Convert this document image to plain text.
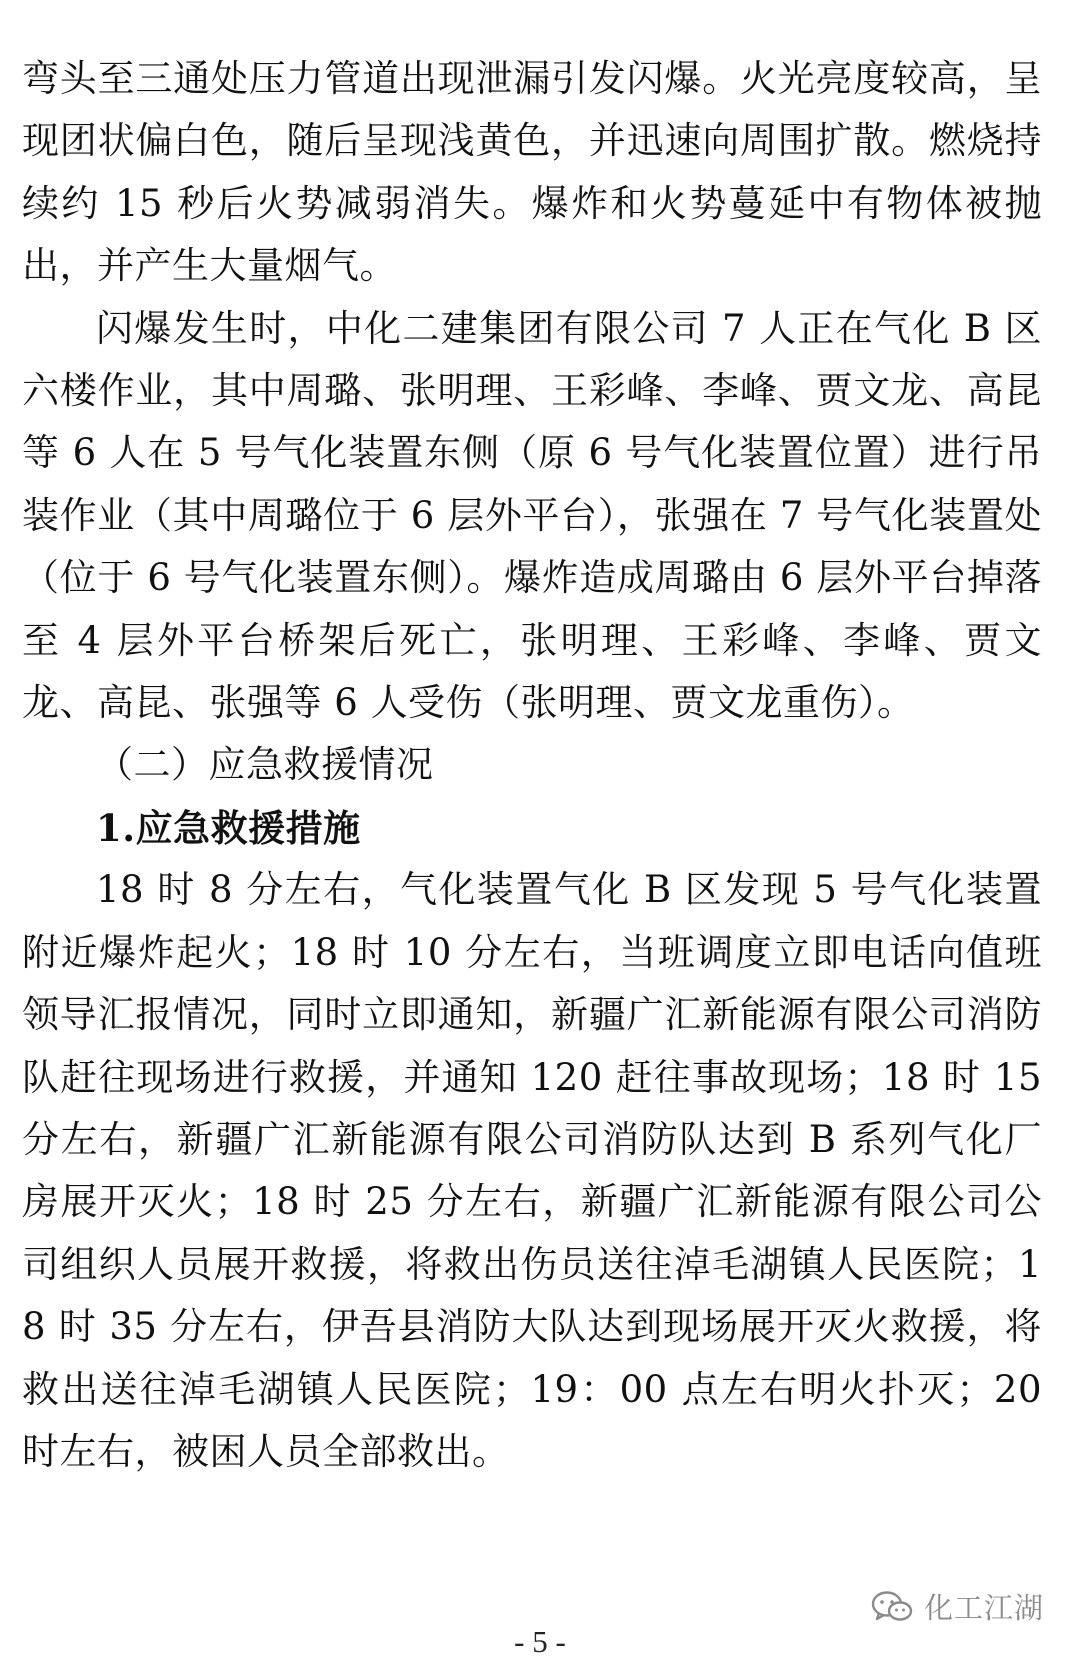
弯头至三通处压力管道出现泄漏引发闪爆。火光亮度较高，呈现团状偏白色，随后呈现浅黄色，并迅速向周围扩散。燃烧持续约 15 秒后火势减弱消失。爆炸和火势蔓延中有物体被抛出，并产生大量烟气。

闪爆发生时，中化二建集团有限公司 7 人正在气化 B 区六楼作业，其中周璐、张明理、王彩峰、李峰、贾文龙、高昆等 6 人在 5 号气化装置东侧（原 6 号气化装置位置）进行吊装作业（其中周璐位于 6 层外平台），张强在 7 号气化装置处（位于 6 号气化装置东侧）。爆炸造成周璐由 6 层外平台掉落至 4 层外平台桥架后死亡，张明理、王彩峰、李峰、贾文龙、高昆、张强等 6 人受伤（张明理、贾文龙重伤）。

（二）应急救援情况

1.应急救援措施

18 时 8 分左右，气化装置气化 B 区发现 5 号气化装置附近爆炸起火；18 时 10 分左右，当班调度立即电话向值班领导汇报情况，同时立即通知，新疆广汇新能源有限公司消防队赶往现场进行救援，并通知 120 赶往事故现场；18 时 15 分左右，新疆广汇新能源有限公司消防队达到 B 系列气化厂房展开灭火；18 时 25 分左右，新疆广汇新能源有限公司公司组织人员展开救援，将救出伤员送往淖毛湖镇人民医院；18 时 35 分左右，伊吾县消防大队达到现场展开灭火救援，将救出送往淖毛湖镇人民医院；19：00 点左右明火扑灭；20 时左右，被困人员全部救出。

化工江湖
- 5 -
